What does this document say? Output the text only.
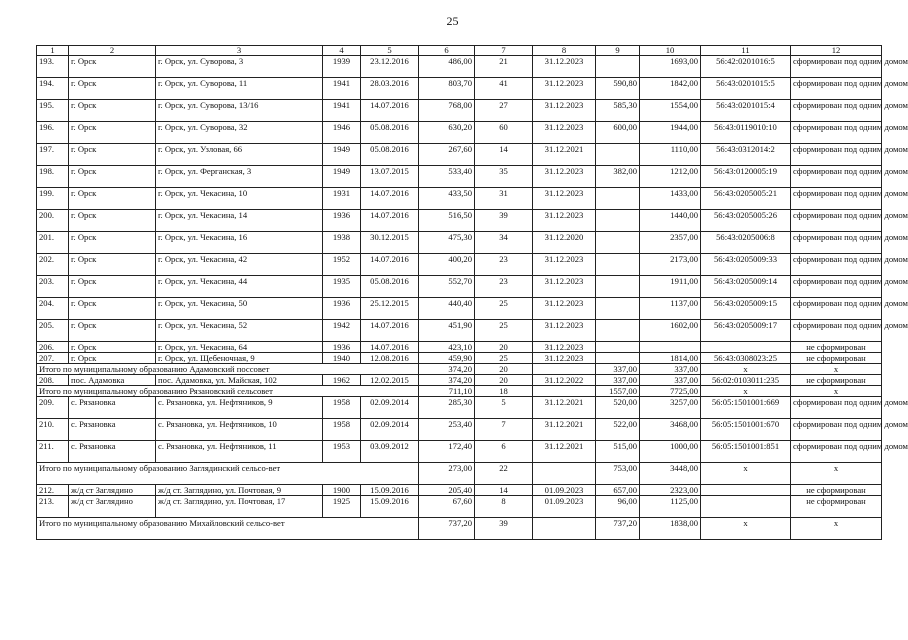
25
1	2	3	4	5	6	7	8	9	10	11	12
193.	г. Орск	г. Орск, ул. Суворова, 3	1939	23.12.2016	486,00	21	31.12.2023		1693,00	56:42:0201016:5	сформирован под одним домом
194.	г. Орск	г. Орск, ул. Суворова, 11	1941	28.03.2016	803,70	41	31.12.2023	590,80	1842,00	56:43:0201015:5	сформирован под одним домом
195.	г. Орск	г. Орск, ул. Суворова, 13/16	1941	14.07.2016	768,00	27	31.12.2023	585,30	1554,00	56:43:0201015:4	сформирован под одним домом
196.	г. Орск	г. Орск, ул. Суворова, 32	1946	05.08.2016	630,20	60	31.12.2023	600,00	1944,00	56:43:0119010:10	сформирован под одним домом
197.	г. Орск	г. Орск, ул. Узловая, 66	1949	05.08.2016	267,60	14	31.12.2021		1110,00	56:43:0312014:2	сформирован под одним домом
198.	г. Орск	г. Орск, ул. Ферганская, 3	1949	13.07.2015	533,40	35	31.12.2023	382,00	1212,00	56:43:0120005:19	сформирован под одним домом
199.	г. Орск	г. Орск, ул. Чекасина, 10	1931	14.07.2016	433,50	31	31.12.2023		1433,00	56:43:0205005:21	сформирован под одним домом
200.	г. Орск	г. Орск, ул. Чекасина, 14	1936	14.07.2016	516,50	39	31.12.2023		1440,00	56:43:0205005:26	сформирован под одним домом
201.	г. Орск	г. Орск, ул. Чекасина, 16	1938	30.12.2015	475,30	34	31.12.2020		2357,00	56:43:0205006:8	сформирован под одним домом
202.	г. Орск	г. Орск, ул. Чекасина, 42	1952	14.07.2016	400,20	23	31.12.2023		2173,00	56:43:0205009:33	сформирован под одним домом
203.	г. Орск	г. Орск, ул. Чекасина, 44	1935	05.08.2016	552,70	23	31.12.2023		1911,00	56:43:0205009:14	сформирован под одним домом
204.	г. Орск	г. Орск, ул. Чекасина, 50	1936	25.12.2015	440,40	25	31.12.2023		1137,00	56:43:0205009:15	сформирован под одним домом
205.	г. Орск	г. Орск, ул. Чекасина, 52	1942	14.07.2016	451,90	25	31.12.2023		1602,00	56:43:0205009:17	сформирован под одним домом
206.	г. Орск	г. Орск, ул. Чекасина, 64	1936	14.07.2016	423,10	20	31.12.2023				не сформирован
207.	г. Орск	г. Орск, ул. Щебеночная, 9	1940	12.08.2016	459,90	25	31.12.2023		1814,00	56:43:0308023:25	не сформирован
Итого по муниципальному образованию Адамовский поссовет					374,20	20		337,00	337,00	х	х
208.	пос. Адамовка	пос. Адамовка, ул. Майская, 102	1962	12.02.2015	374,20	20	31.12.2022	337,00	337,00	56:02:0103011:235	не сформирован
Итого по муниципальному образованию Рязановский сельсовет					711,10	18		1557,00	7725,00	х	х
209.	с. Рязановка	с. Рязановка, ул. Нефтяников, 9	1958	02.09.2014	285,30	5	31.12.2021	520,00	3257,00	56:05:1501001:669	сформирован под одним домом
210.	с. Рязановка	с. Рязановка, ул. Нефтяников, 10	1958	02.09.2014	253,40	7	31.12.2021	522,00	3468,00	56:05:1501001:670	сформирован под одним домом
211.	с. Рязановка	с. Рязановка, ул. Нефтяников, 11	1953	03.09.2012	172,40	6	31.12.2021	515,00	1000,00	56:05:1501001:851	сформирован под одним домом
Итого по муниципальному образованию Заглядинский сельсо-вет					273,00	22		753,00	3448,00	х	х
212.	ж/д ст Заглядино	ж/д ст. Заглядино, ул. Почтовая, 9	1900	15.09.2016	205,40	14	01.09.2023	657,00	2323,00		не сформирован
213.	ж/д ст Заглядино	ж/д ст. Заглядино, ул. Почтовая, 17	1925	15.09.2016	67,60	8	01.09.2023	96,00	1125,00		не сформирован
Итого по муниципальному образованию Михайловский сельсо-вет					737,20	39		737,20	1838,00	х	х
